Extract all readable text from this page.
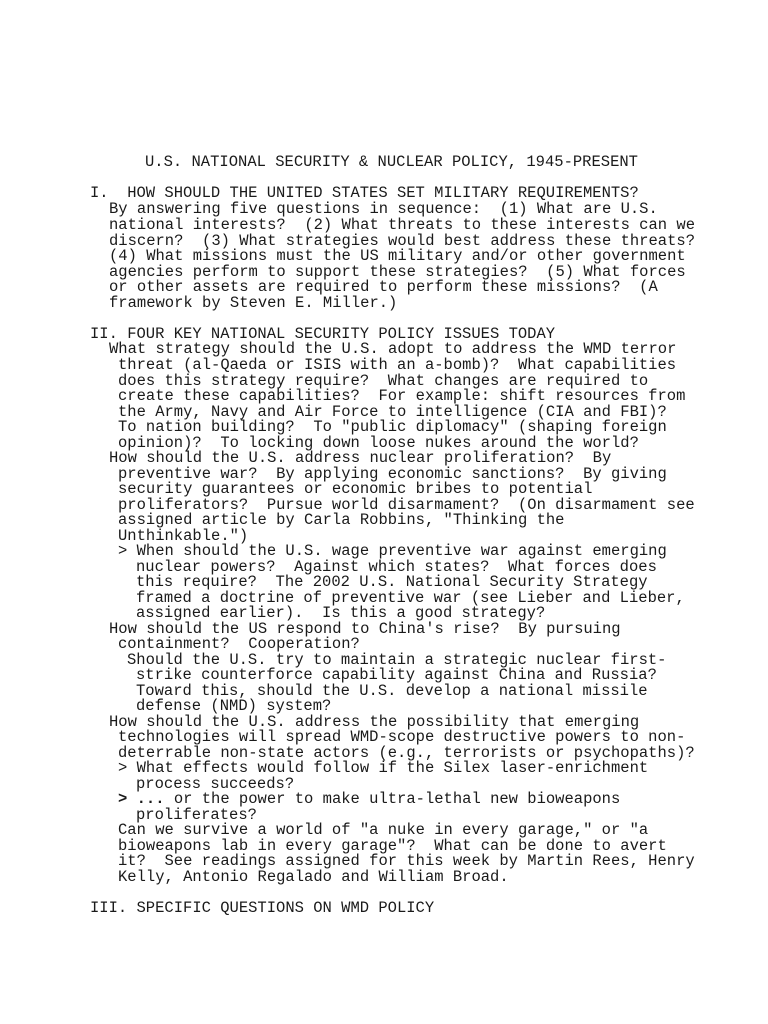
U.S. NATIONAL SECURITY & NUCLEAR POLICY, 1945-PRESENT

I.  HOW SHOULD THE UNITED STATES SET MILITARY REQUIREMENTS?

By answering five questions in sequence:  (1) What are U.S.

national interests?  (2) What threats to these interests can we

discern?  (3) What strategies would best address these threats?

(4) What missions must the US military and/or other government

agencies perform to support these strategies?  (5) What forces

or other assets are required to perform these missions?  (A

framework by Steven E. Miller.)

II. FOUR KEY NATIONAL SECURITY POLICY ISSUES TODAY

What strategy should the U.S. adopt to address the WMD terror

threat (al-Qaeda or ISIS with an a-bomb)?  What capabilities

does this strategy require?  What changes are required to

create these capabilities?  For example: shift resources from

the Army, Navy and Air Force to intelligence (CIA and FBI)?

To nation building?  To "public diplomacy" (shaping foreign

opinion)?  To locking down loose nukes around the world?

How should the U.S. address nuclear proliferation?  By

preventive war?  By applying economic sanctions?  By giving

security guarantees or economic bribes to potential

proliferators?  Pursue world disarmament?  (On disarmament see

assigned article by Carla Robbins, "Thinking the

Unthinkable.")

> When should the U.S. wage preventive war against emerging

nuclear powers?  Against which states?  What forces does

this require?  The 2002 U.S. National Security Strategy

framed a doctrine of preventive war (see Lieber and Lieber,

assigned earlier).  Is this a good strategy?

How should the US respond to China's rise?  By pursuing

containment?  Cooperation?

Should the U.S. try to maintain a strategic nuclear first-

strike counterforce capability against China and Russia?

Toward this, should the U.S. develop a national missile

defense (NMD) system?

How should the U.S. address the possibility that emerging

technologies will spread WMD-scope destructive powers to non-

deterrable non-state actors (e.g., terrorists or psychopaths)?

> What effects would follow if the Silex laser-enrichment

process succeeds?

> ... or the power to make ultra-lethal new bioweapons

proliferates?

Can we survive a world of "a nuke in every garage," or "a

bioweapons lab in every garage"?  What can be done to avert

it?  See readings assigned for this week by Martin Rees, Henry

Kelly, Antonio Regalado and William Broad.

III. SPECIFIC QUESTIONS ON WMD POLICY
